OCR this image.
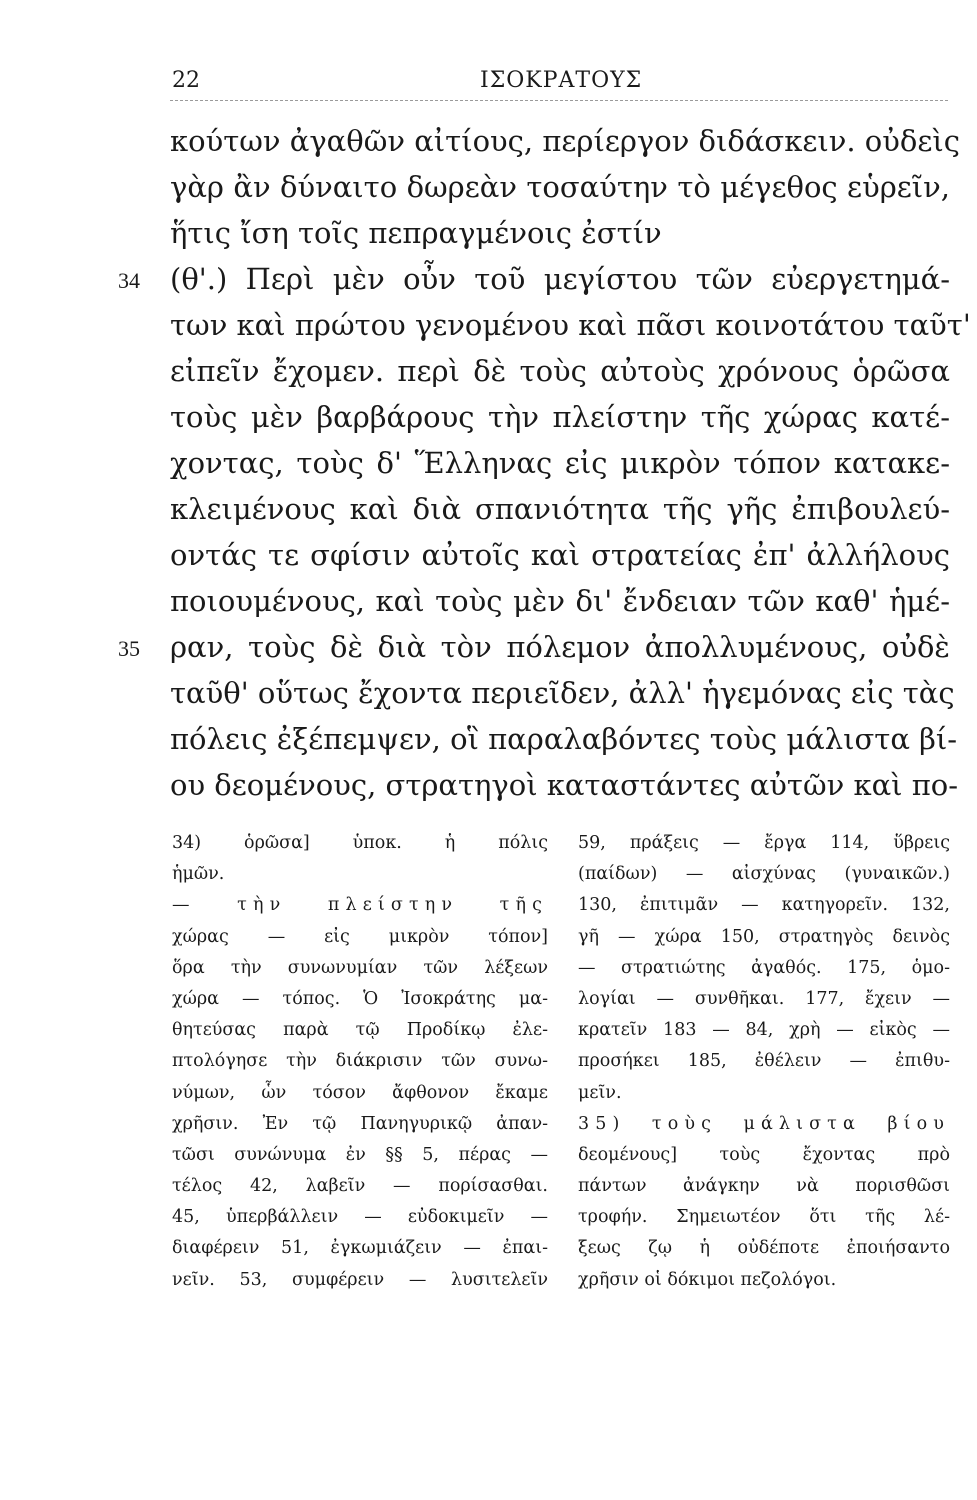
22	ΙΣΟΚΡΑΤΟΥΣ
34
35
κούτων ἀγαθῶν αἰτίους, περίεργον διδάσκειν. οὐδεὶς
γὰρ ἂν δύναιτο δωρεὰν τοσαύτην τὸ μέγεθος εὑρεῖν,
ἥτις ἴση τοῖς πεπραγμένοις ἐστίν
(θ'.) Περὶ μὲν οὖν τοῦ μεγίστου τῶν εὐεργετημά-
των καὶ πρώτου γενομένου καὶ πᾶσι κοινοτάτου ταῦτ'
εἰπεῖν ἔχομεν. περὶ δὲ τοὺς αὐτοὺς χρόνους ὁρῶσα
τοὺς μὲν βαρβάρους τὴν πλείστην τῆς χώρας κατέ-
χοντας, τοὺς δ' Ἕλληνας εἰς μικρὸν τόπον κατακε-
κλειμένους καὶ διὰ σπανιότητα τῆς γῆς ἐπιβουλεύ-
οντάς τε σφίσιν αὐτοῖς καὶ στρατείας ἐπ' ἀλλήλους
ποιουμένους, καὶ τοὺς μὲν δι' ἔνδειαν τῶν καθ' ἡμέ-
ραν, τοὺς δὲ διὰ τὸν πόλεμον ἀπολλυμένους, οὐδὲ
ταῦθ' οὕτως ἔχοντα περιεῖδεν, ἀλλ' ἡγεμόνας εἰς τὰς
πόλεις ἐξέπεμψεν, οἳ παραλαβόντες τοὺς μάλιστα βί-
ου δεομένους, στρατηγοὶ καταστάντες αὐτῶν καὶ πο-
34) ὁρῶσα] ὑποκ. ἡ πόλις
ἡμῶν.
— τὴν πλείστην τῆς
χώρας — εἰς μικρὸν τόπον]
ὅρα τὴν συνωνυμίαν τῶν λέξεων
χώρα — τόπος. Ὁ Ἰσοκράτης μα-
θητεύσας παρὰ τῷ Προδίκῳ ἐλε-
πτολόγησε τὴν διάκρισιν τῶν συνω-
νύμων, ὧν τόσον ἄφθονον ἔκαμε
χρῆσιν. Ἐν τῷ Πανηγυρικῷ ἀπαν-
τῶσι συνώνυμα ἐν §§ 5, πέρας —
τέλος 42, λαβεῖν — πορίσασθαι.
45, ὑπερβάλλειν — εὐδοκιμεῖν —
διαφέρειν 51, ἐγκωμιάζειν — ἐπαι-
νεῖν. 53, συμφέρειν — λυσιτελεῖν
59, πράξεις — ἔργα 114, ὕβρεις
(παίδων) — αἰσχύνας (γυναικῶν.)
130, ἐπιτιμᾶν — κατηγορεῖν. 132,
γῆ — χώρα 150, στρατηγὸς δεινὸς
— στρατιώτης ἀγαθός. 175, ὁμο-
λογίαι — συνθῆκαι. 177, ἔχειν —
κρατεῖν 183 — 84, χρὴ — εἰκὸς —
προσήκει 185, ἐθέλειν — ἐπιθυ-
μεῖν.
35) τοὺς μάλιστα βίου
δεομένους] τοὺς ἔχοντας πρὸ
πάντων ἀνάγκην νὰ πορισθῶσι
τροφήν. Σημειωτέον ὅτι τῆς λέ-
ξεως ζῳ ἡ οὐδέποτε ἐποιήσαντο
χρῆσιν οἱ δόκιμοι πεζολόγοι.
